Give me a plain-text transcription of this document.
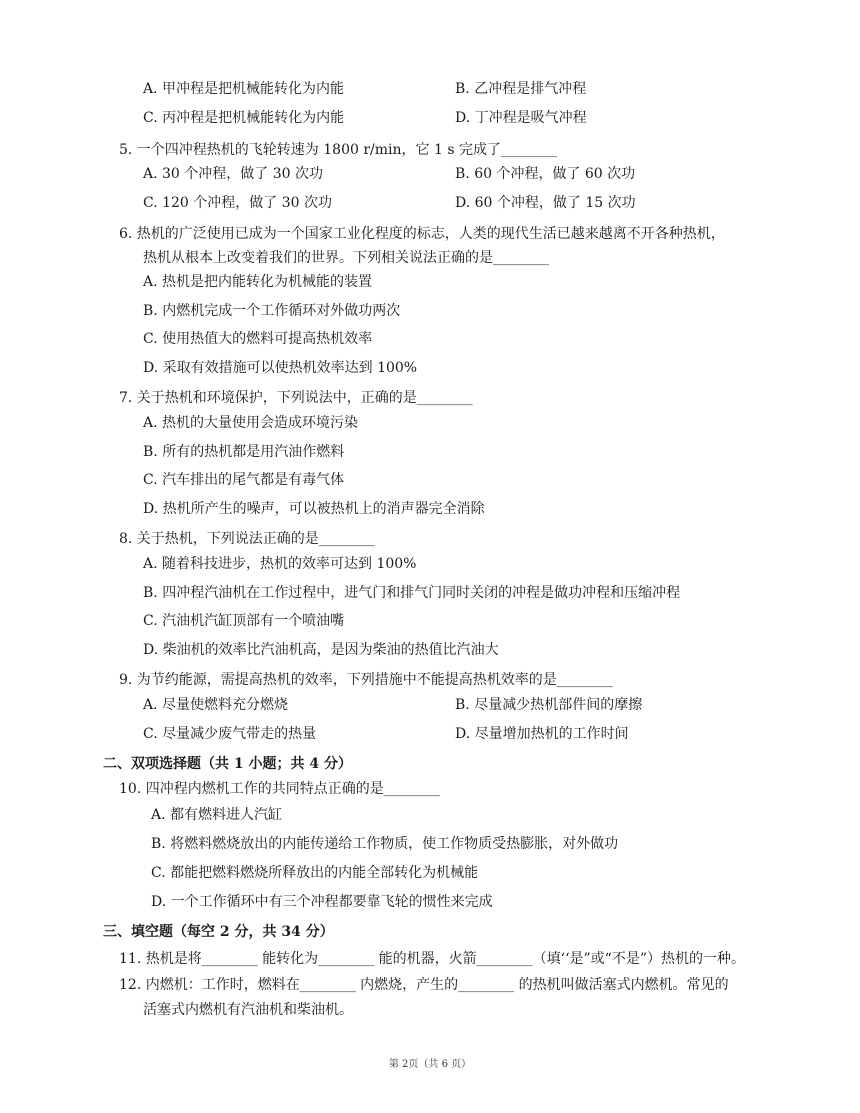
A. 甲冲程是把机械能转化为内能	B. 乙冲程是排气冲程
C. 丙冲程是把机械能转化为内能	D. 丁冲程是吸气冲程
5. 一个四冲程热机的飞轮转速为 1800 r/min，它 1 s 完成了________
A. 30 个冲程，做了 30 次功	B. 60 个冲程，做了 60 次功
C. 120 个冲程，做了 30 次功	D. 60 个冲程，做了 15 次功
6. 热机的广泛使用已成为一个国家工业化程度的标志，人类的现代生活已越来越离不开各种热机，
热机从根本上改变着我们的世界。下列相关说法正确的是________
A. 热机是把内能转化为机械能的装置
B. 内燃机完成一个工作循环对外做功两次
C. 使用热值大的燃料可提高热机效率
D. 采取有效措施可以使热机效率达到 100%
7. 关于热机和环境保护，下列说法中，正确的是________
A. 热机的大量使用会造成环境污染
B. 所有的热机都是用汽油作燃料
C. 汽车排出的尾气都是有毒气体
D. 热机所产生的噪声，可以被热机上的消声器完全消除
8. 关于热机，下列说法正确的是________
A. 随着科技进步，热机的效率可达到 100%
B. 四冲程汽油机在工作过程中，进气门和排气门同时关闭的冲程是做功冲程和压缩冲程
C. 汽油机汽缸顶部有一个喷油嘴
D. 柴油机的效率比汽油机高，是因为柴油的热值比汽油大
9. 为节约能源，需提高热机的效率，下列措施中不能提高热机效率的是________
A. 尽量使燃料充分燃烧	B. 尽量减少热机部件间的摩擦
C. 尽量减少废气带走的热量	D. 尽量增加热机的工作时间
二、双项选择题（共 1 小题；共 4 分）
10. 四冲程内燃机工作的共同特点正确的是________
A. 都有燃料进人汽缸
B. 将燃料燃烧放出的内能传递给工作物质，使工作物质受热膨胀，对外做功
C. 都能把燃料燃烧所释放出的内能全部转化为机械能
D. 一个工作循环中有三个冲程都要靠飞轮的惯性来完成
三、填空题（每空 2 分，共 34 分）
11. 热机是将________ 能转化为________ 能的机器，火箭________（填‘‘是”或“不是”）热机的一种。
12. 内燃机：工作时，燃料在________ 内燃烧，产生的________ 的热机叫做活塞式内燃机。常见的
活塞式内燃机有汽油机和柴油机。
第 2页（共 6 页）
